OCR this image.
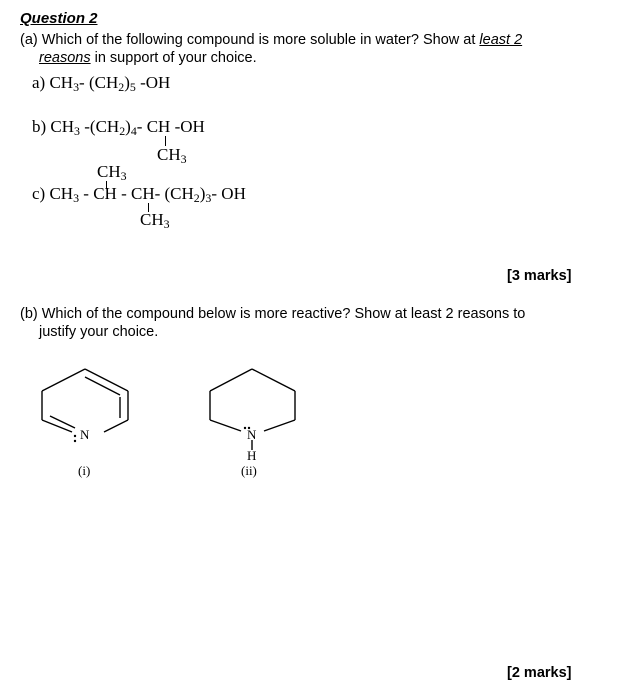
Question 2
(a) Which of the following compound is more soluble in water? Show at least 2
reasons in support of your choice.
a) $CH_3-$ $(CH_2)_5$ -OH
b) $CH_3$ $-(CH_2)_4-$ CH -OH
$CH_3$
$CH_3$
c) $CH_3$ - CH - CH- $(CH_2)_3-$ OH
$CH_3$
[3 marks]
(b) Which of the compound below is more reactive? Show at least 2 reasons to
justify your choice.
N
(i)
N
H
(ii)
[2 marks]
